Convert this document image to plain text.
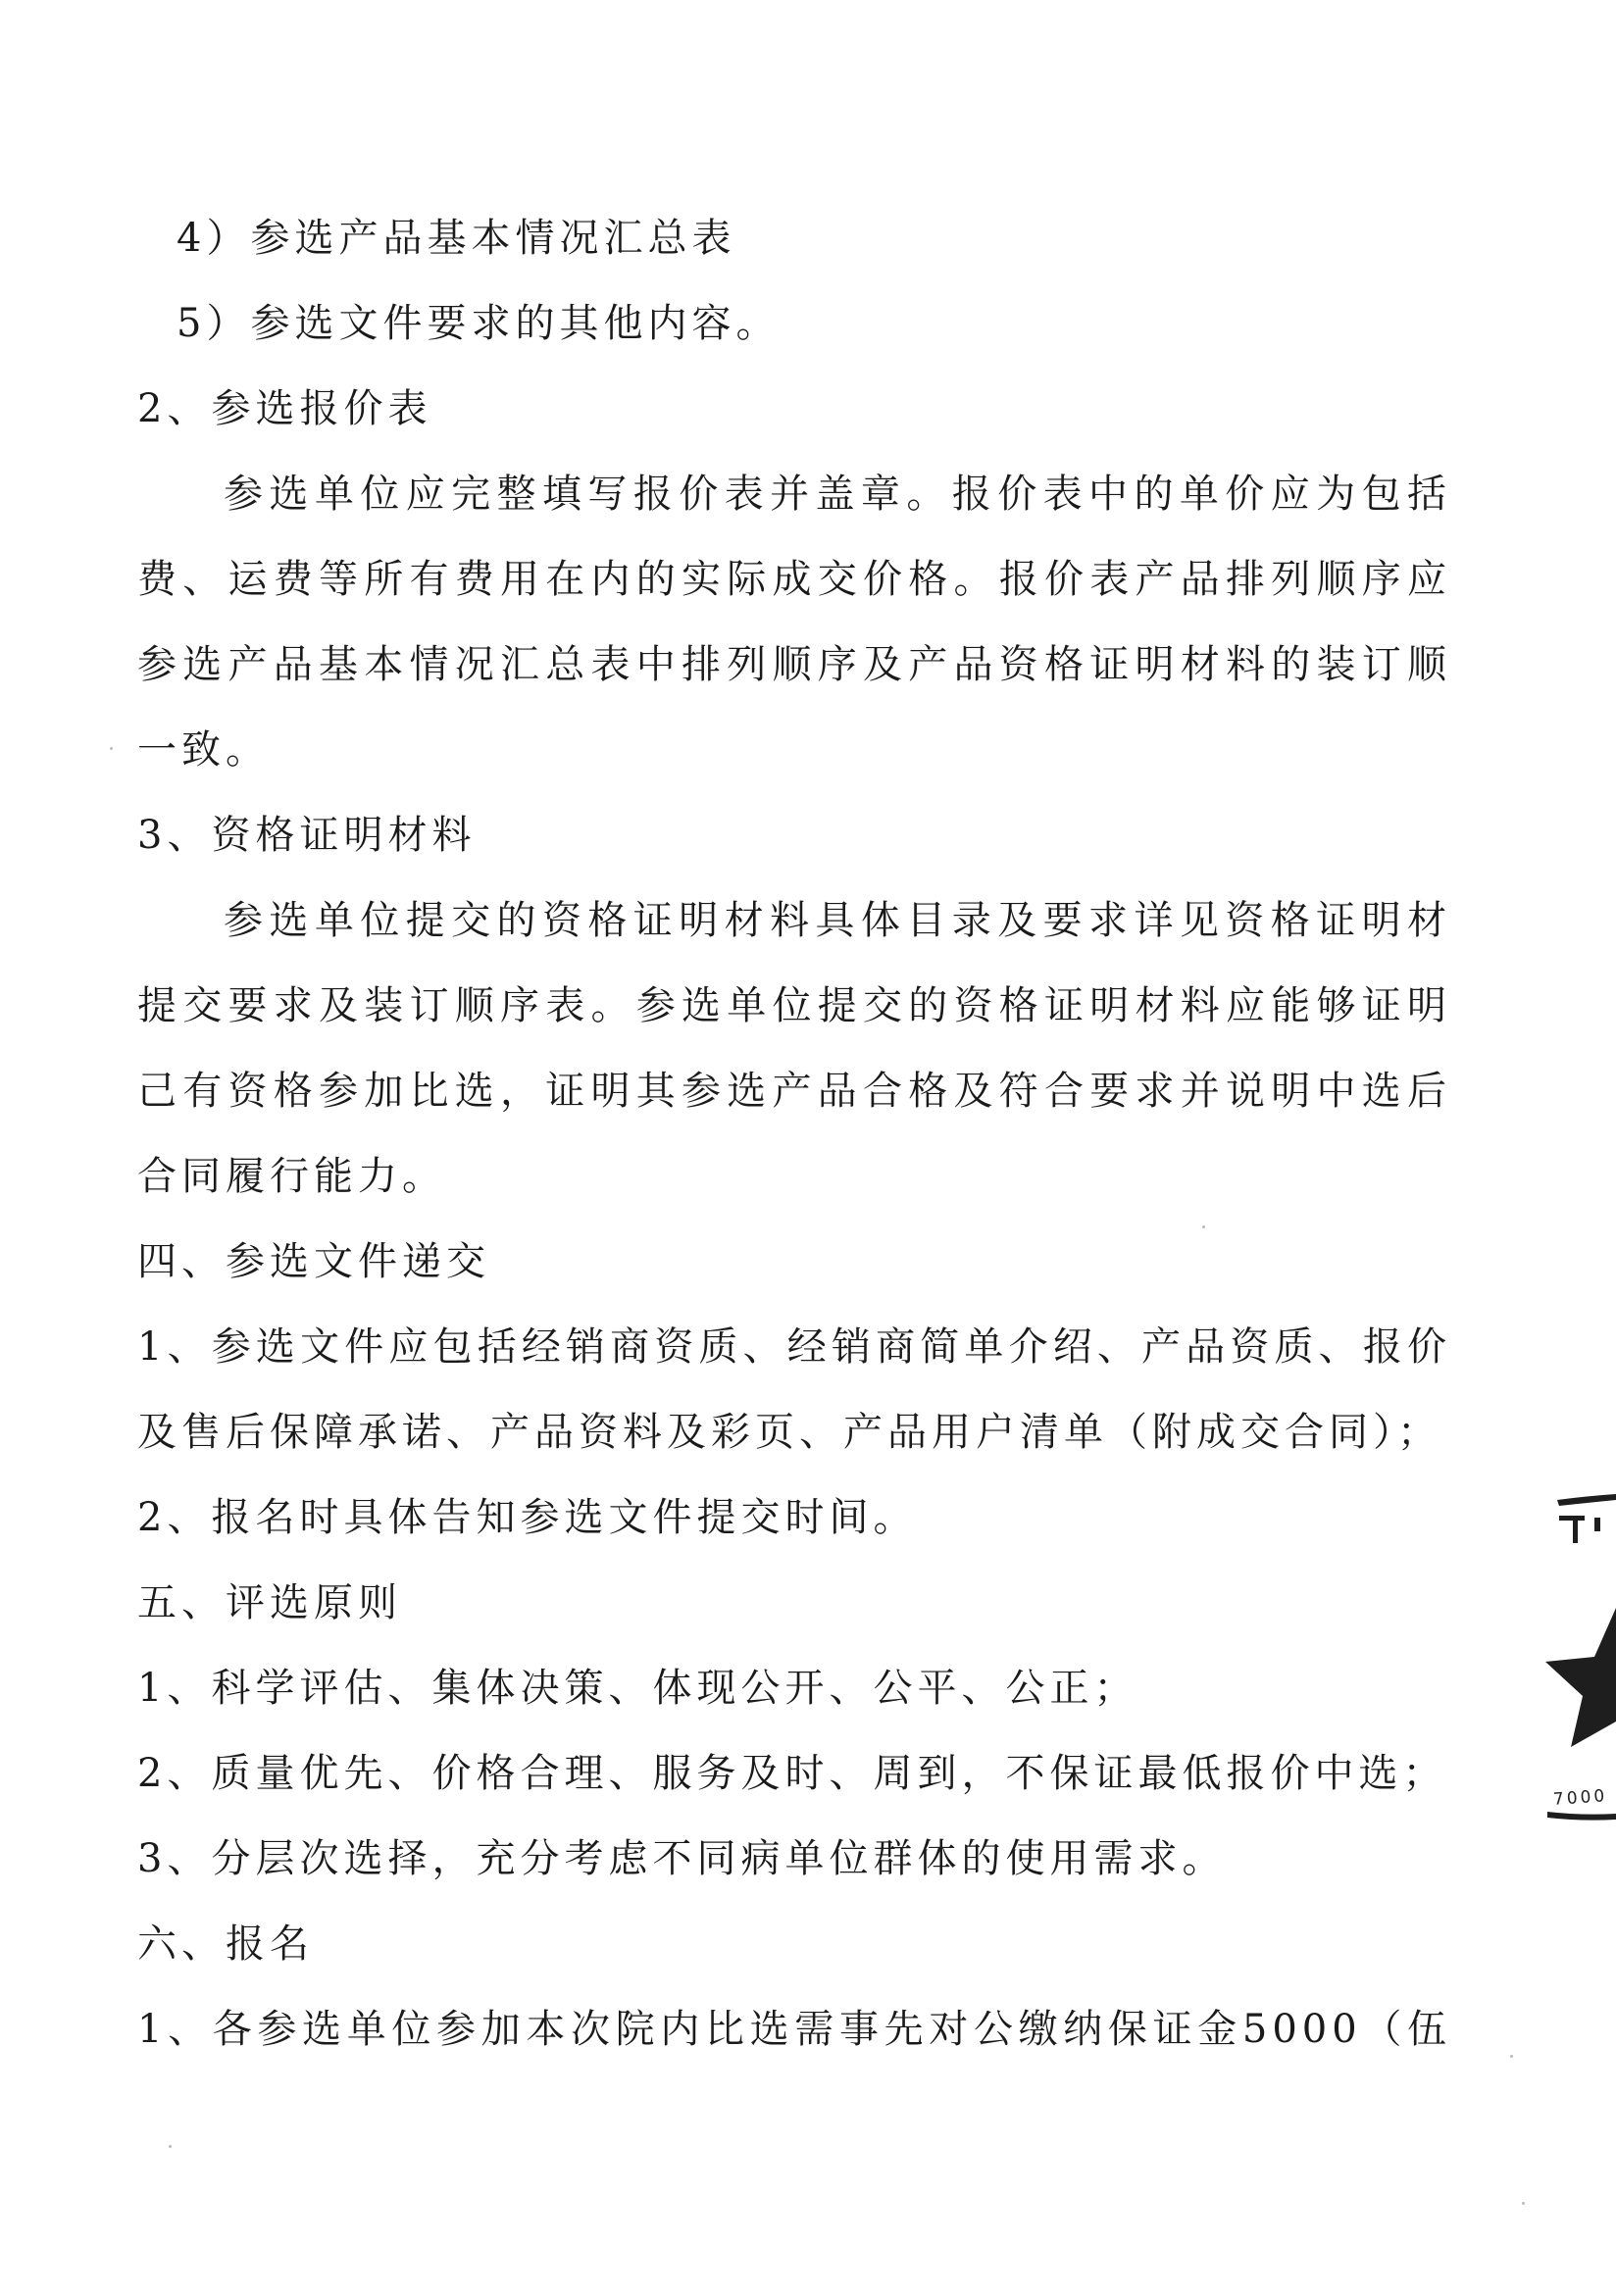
4）参选产品基本情况汇总表
5）参选文件要求的其他内容。
2、参选报价表
参选单位应完整填写报价表并盖章。报价表中的单价应为包括
费、运费等所有费用在内的实际成交价格。报价表产品排列顺序应
参选产品基本情况汇总表中排列顺序及产品资格证明材料的装订顺
一致。
3、资格证明材料
参选单位提交的资格证明材料具体目录及要求详见资格证明材
提交要求及装订顺序表。参选单位提交的资格证明材料应能够证明
己有资格参加比选，证明其参选产品合格及符合要求并说明中选后
合同履行能力。
四、参选文件递交
1、参选文件应包括经销商资质、经销商简单介绍、产品资质、报价
及售后保障承诺、产品资料及彩页、产品用户清单（附成交合同）；
2、报名时具体告知参选文件提交时间。
五、评选原则
1、科学评估、集体决策、体现公开、公平、公正；
2、质量优先、价格合理、服务及时、周到，不保证最低报价中选；
3、分层次选择，充分考虑不同病单位群体的使用需求。
六、报名
1、各参选单位参加本次院内比选需事先对公缴纳保证金5000（伍
7000
